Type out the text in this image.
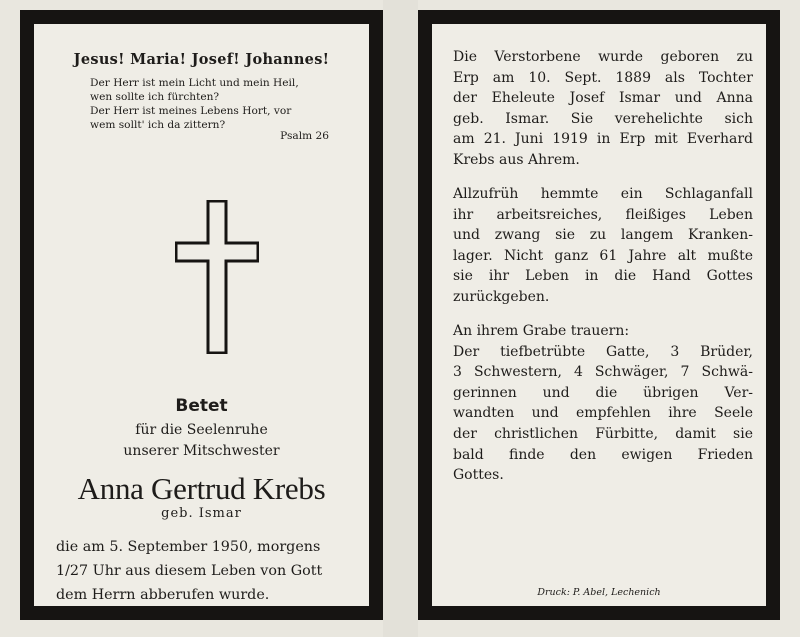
Jesus! Maria! Josef! Johannes!
Der Herr ist mein Licht und mein Heil,
wen sollte ich fürchten?
Der Herr ist meines Lebens Hort, vor
wem sollt' ich da zittern?
Psalm 26
Betet
für die Seelenruhe
unserer Mitschwester
Anna Gertrud Krebs
geb. Ismar
die am 5. September 1950, morgens
1/27 Uhr aus diesem Leben von Gott
dem Herrn abberufen wurde.
Die Verstorbene wurde geboren zu
Erp am 10. Sept. 1889 als Tochter
der Eheleute Josef Ismar und Anna
geb. Ismar. Sie verehelichte sich
am 21. Juni 1919 in Erp mit Everhard
Krebs aus Ahrem.
Allzufrüh hemmte ein Schlaganfall
ihr arbeitsreiches, fleißiges Leben
und zwang sie zu langem Kranken-
lager. Nicht ganz 61 Jahre alt mußte
sie ihr Leben in die Hand Gottes
zurückgeben.
An ihrem Grabe trauern:
Der tiefbetrübte Gatte, 3 Brüder,
3 Schwestern, 4 Schwäger, 7 Schwä-
gerinnen und die übrigen Ver-
wandten und empfehlen ihre Seele
der christlichen Fürbitte, damit sie
bald finde den ewigen Frieden
Gottes.
Druck: P. Abel, Lechenich
